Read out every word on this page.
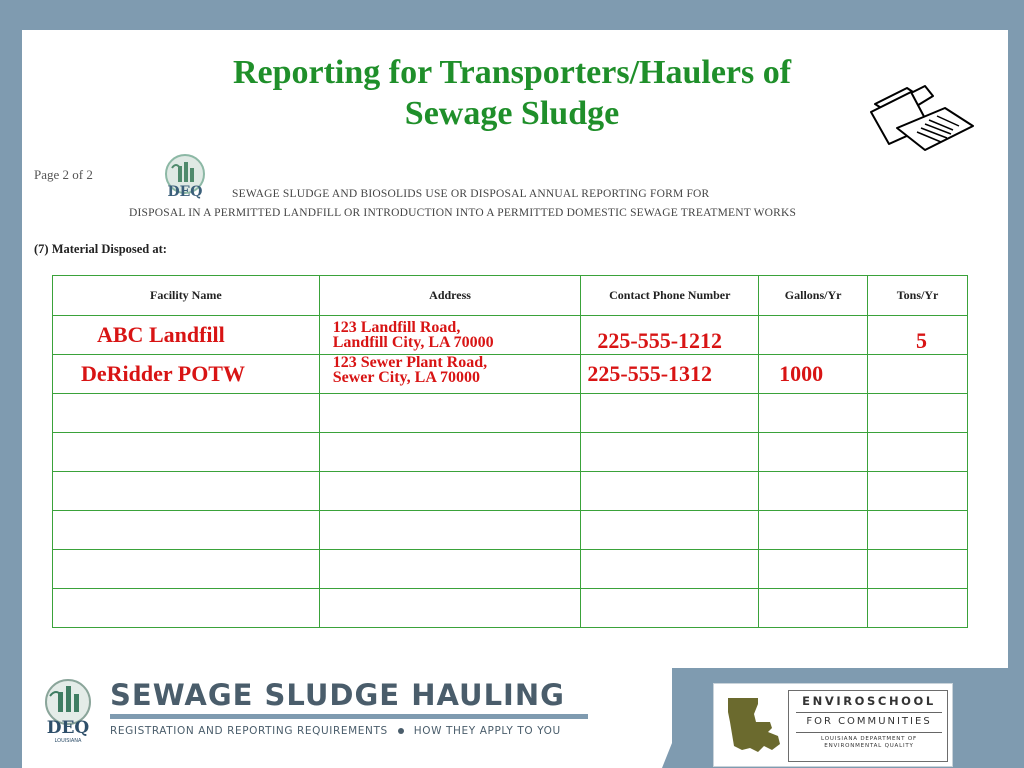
Reporting for Transporters/Haulers of
Sewage Sludge
Page 2 of 2
DEQ	SEWAGE SLUDGE AND BIOSOLIDS USE OR DISPOSAL ANNUAL REPORTING FORM FOR
DISPOSAL IN A PERMITTED LANDFILL OR INTRODUCTION INTO A PERMITTED DOMESTIC SEWAGE TREATMENT WORKS
(7) Material Disposed at:
Facility Name	Address	Contact Phone Number	Gallons/Yr	Tons/Yr
ABC Landfill	123 Landfill Road,
Landfill City, LA 70000	225-555-1212		5
DeRidder POTW	123 Sewer Plant Road,
Sewer City, LA 70000	225-555-1312	1000	

DEQ
LOUISIANA
SEWAGE SLUDGE HAULING
REGISTRATION AND REPORTING REQUIREMENTS HOW THEY APPLY TO YOU
ENVIROSCHOOL
FOR COMMUNITIES
LOUISIANA DEPARTMENT OF
ENVIRONMENTAL QUALITY
